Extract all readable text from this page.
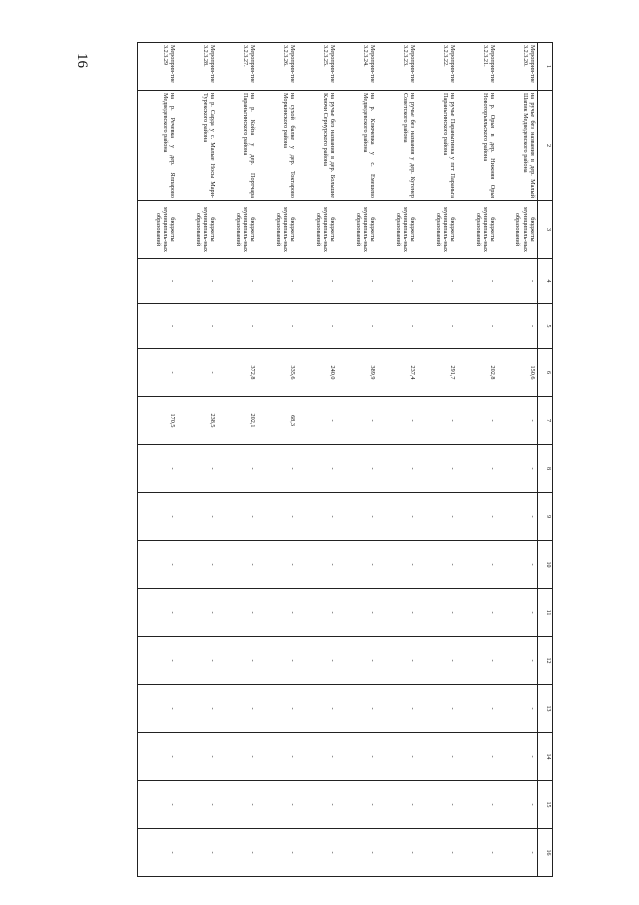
16	1	2	3	4	5	6	7	8	9	10	11	12	13	14	15	16
Мероприя-тие 3.2.3.20.	на ручье без названия в дер. Малый Шапик Медведевского района	бюджеты муниципаль-ных образований	-	-	150,6	-	-	-	-	-	-	-	-	-	-
Мероприя-тие 3.2.3.21.	на р. Орья в дер. Нижняя Орья Новоторъяльского района	бюджеты муниципаль-ных образований	-	-	202,8	-	-	-	-	-	-	-	-	-	-
Мероприя-тие 3.2.3.22.	на ручье Параныгинка у пгт Параньга Параньгинского района	бюджеты муниципаль-ных образований	-	-	291,7	-	-	-	-	-	-	-	-	-	-
Мероприя-тие 3.2.3.23.	на ручье без названия у дер. Кутенер Советского района	бюджеты муниципаль-ных образований	-	-	237,4	-	-	-	-	-	-	-	-	-	-
Мероприя-тие 3.2.3.24.	на р. Ключевка у с. Емешево Медведевского района	бюджеты муниципаль-ных образований	-	-	389,9	-	-	-	-	-	-	-	-	-	-
Мероприя-тие 3.2.3.25.	на ручье без названия в дер. Большие Ключи Сернурского района	бюджеты муниципаль-ных образований	-	-	240,0	-	-	-	-	-	-	-	-	-	-
Мероприя-тие 3.2.3.26.	на сухой балке у дер. Токтарово Моркинского района	бюджеты муниципаль-ных образований	-	-	335,6	68,3	-	-	-	-	-	-	-	-	-
Мероприя-тие 3.2.3.27.	на р. Койза у дер. Портчара Параньгинского района	бюджеты муниципаль-ных образований	-	-	372,8	202,1	-	-	-	-	-	-	-	-	-
Мероприя-тие 3.2.3.28.	на р. Сарда у с. Малые Носы Мари-Турекского района	бюджеты муниципаль-ных образований	-	-	-	238,5	-	-	-	-	-	-	-	-	-
Мероприя-тие 3.2.3.29	на р. Речевка у дер. Ялпарово Медведевского района	бюджеты муниципаль-ных образований	-	-	-	170,5	-	-	-	-	-	-	-	-	-
